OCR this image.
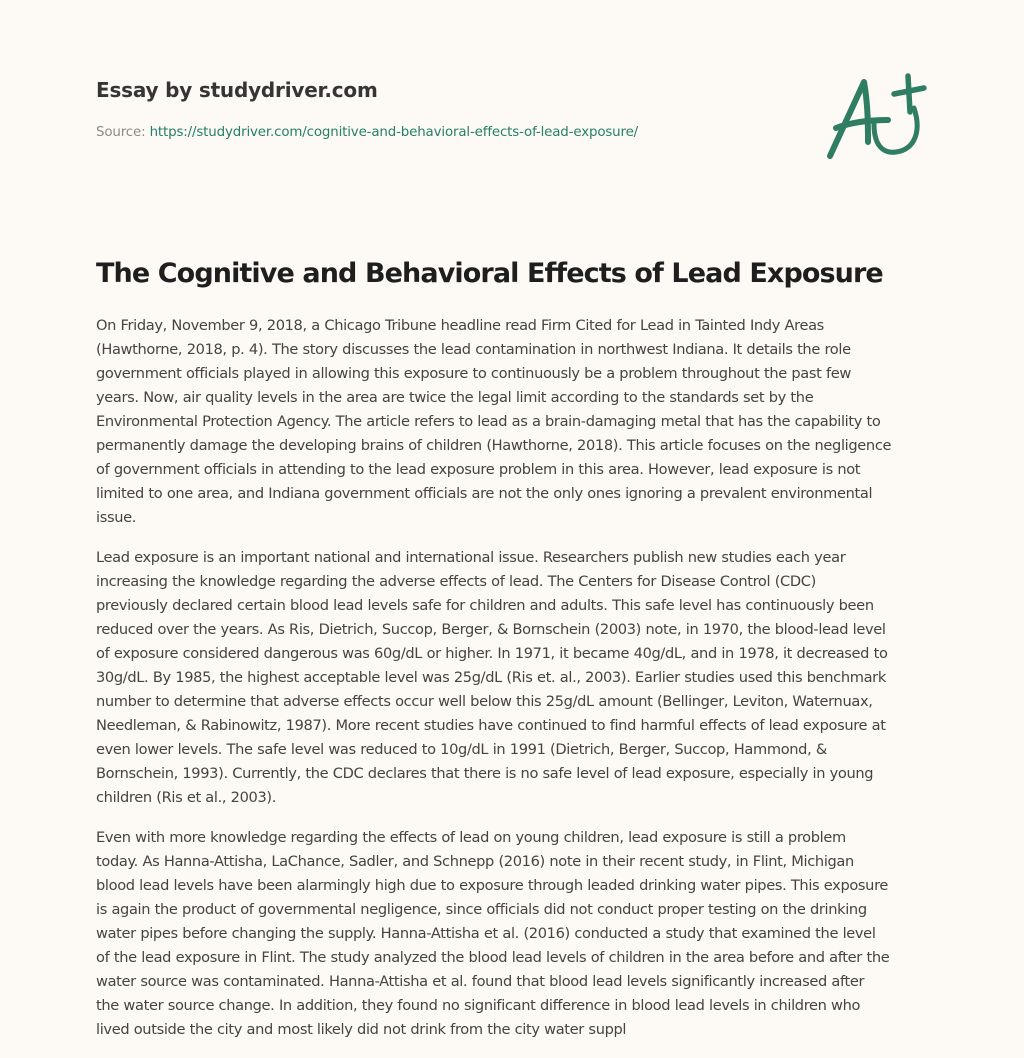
Essay by studydriver.com
Source: https://studydriver.com/cognitive-and-behavioral-effects-of-lead-exposure/
The Cognitive and Behavioral Effects of Lead Exposure

On Friday, November 9, 2018, a Chicago Tribune headline read Firm Cited for Lead in Tainted Indy Areas
(Hawthorne, 2018, p. 4). The story discusses the lead contamination in northwest Indiana. It details the role
government officials played in allowing this exposure to continuously be a problem throughout the past few
years. Now, air quality levels in the area are twice the legal limit according to the standards set by the
Environmental Protection Agency. The article refers to lead as a brain-damaging metal that has the capability to
permanently damage the developing brains of children (Hawthorne, 2018). This article focuses on the negligence
of government officials in attending to the lead exposure problem in this area. However, lead exposure is not
limited to one area, and Indiana government officials are not the only ones ignoring a prevalent environmental
issue.

Lead exposure is an important national and international issue. Researchers publish new studies each year
increasing the knowledge regarding the adverse effects of lead. The Centers for Disease Control (CDC)
previously declared certain blood lead levels safe for children and adults. This safe level has continuously been
reduced over the years. As Ris, Dietrich, Succop, Berger, & Bornschein (2003) note, in 1970, the blood-lead level
of exposure considered dangerous was 60g/dL or higher. In 1971, it became 40g/dL, and in 1978, it decreased to
30g/dL. By 1985, the highest acceptable level was 25g/dL (Ris et. al., 2003). Earlier studies used this benchmark
number to determine that adverse effects occur well below this 25g/dL amount (Bellinger, Leviton, Waternuax,
Needleman, & Rabinowitz, 1987). More recent studies have continued to find harmful effects of lead exposure at
even lower levels. The safe level was reduced to 10g/dL in 1991 (Dietrich, Berger, Succop, Hammond, &
Bornschein, 1993). Currently, the CDC declares that there is no safe level of lead exposure, especially in young
children (Ris et al., 2003).

Even with more knowledge regarding the effects of lead on young children, lead exposure is still a problem
today. As Hanna-Attisha, LaChance, Sadler, and Schnepp (2016) note in their recent study, in Flint, Michigan
blood lead levels have been alarmingly high due to exposure through leaded drinking water pipes. This exposure
is again the product of governmental negligence, since officials did not conduct proper testing on the drinking
water pipes before changing the supply. Hanna-Attisha et al. (2016) conducted a study that examined the level
of the lead exposure in Flint. The study analyzed the blood lead levels of children in the area before and after the
water source was contaminated. Hanna-Attisha et al. found that blood lead levels significantly increased after
the water source change. In addition, they found no significant difference in blood lead levels in children who
lived outside the city and most likely did not drink from the city water suppl
